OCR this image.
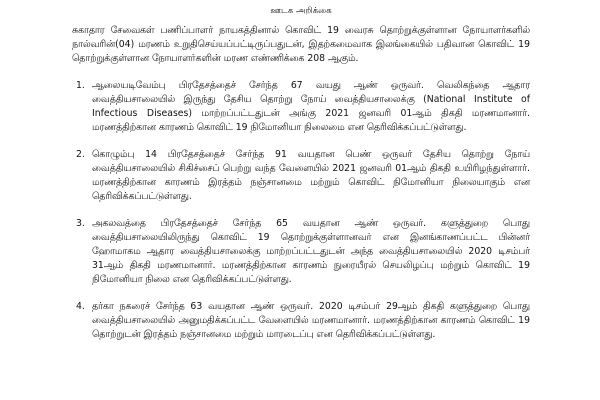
ஊடக அறிக்கை

சுகாதார சேவைகள் பணிப்பாளர் நாயகத்தினால் கொவிட் 19 வைரசு தொற்றுக்குள்ளான நோயாளர்களில் நால்வரின்(04) மரணம் உறுதிசெய்யப்பட்டிருப்பதுடன், இதற்கமைவாக இலங்கையில் பதிவான கொவிட் 19 தொற்றுக்குள்ளான நோயாளர்களின் மரண எண்ணிக்கை 208 ஆகும்.

1. ஆலையடிவேம்பு பிரதேசத்தைச் சேர்ந்த 67 வயது ஆண் ஒருவர். வெலிகந்தை ஆதார வைத்தியசாலையில் இருந்து தேசிய தொற்று நோய் வைத்தியசாலைக்கு (National Institute of Infectious Diseases) மாற்றப்பட்டதுடன் அங்கு 2021 ஜனவரி 01ஆம் திகதி மரணமானார். மரணத்திற்கான காரணம் கொவிட் 19 நிமோனியா நிலைமை என தெரிவிக்கப்பட்டுள்ளது.
2. கொழும்பு 14 பிரதேசத்தைச் சேர்ந்த 91 வயதான பெண் ஒருவர் தேசிய தொற்று நோய் வைத்தியசாலையில் சிகிச்சைப் பெற்று வந்த வேளையில் 2021 ஜனவரி 01ஆம் திகதி உயிரிழந்துள்ளார். மரணத்திற்கான காரணம் இரத்தம் நஞ்சானமை மற்றும் கொவிட் நிமோனியா நிலையாகும் என தெரிவிக்கப்பட்டுள்ளது.
3. அகலவத்தை பிரதேசத்தைச் சேர்ந்த 65 வயதான ஆண் ஒருவர். களுத்துறை பொது வைத்தியசாலையிலிருந்து கொவிட் 19 தொற்றுக்குள்ளானவர் என இனங்காணப்பட்ட பின்னர் ஹோமாகம ஆதார வைத்தியசாலைக்கு மாற்றப்பட்டதுடன் அந்த வைத்தியசாலையில் 2020 டிசம்பர் 31ஆம் திகதி மரணமானார். மரணத்திற்கான காரணம் நுரையீரல் செயலிழப்பு மற்றும் கொவிட் 19 நிமோனியா நிலை என தெரிவிக்கப்பட்டுள்ளது.
4. தர்கா நகரைச் சேர்ந்த 63 வயதான ஆண் ஒருவர். 2020 டிசம்பர் 29ஆம் திகதி களுத்துறை பொது வைத்தியசாலையில் அனுமதிக்கப்பட்ட வேளையில் மரணமானார். மரணத்திற்கான காரணம் கொவிட் 19 தொற்றுடன் இரத்தம் நஞ்சானமை மற்றும் மாரடைப்பு என தெரிவிக்கப்பட்டுள்ளது.
